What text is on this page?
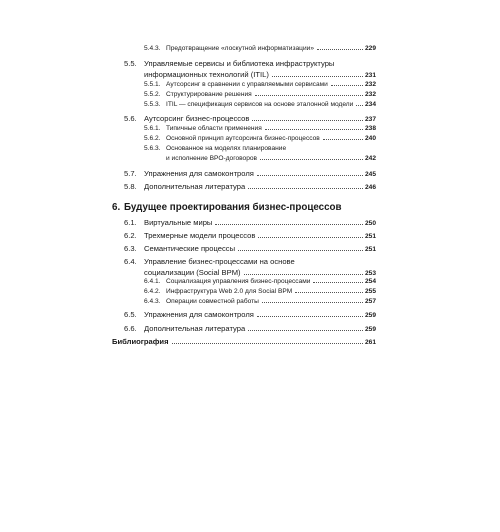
5.4.3. Предотвращение «лоскутной информатизации»	229
5.5. Управляемые сервисы и библиотека инфраструктуры
информационных технологий (ITIL)	231
5.5.1. Аутсорсинг в сравнении с управляемыми сервисами	232
5.5.2. Структурирование решения	232
5.5.3. ITIL — спецификация сервисов на основе эталонной модели 234
5.6. Аутсорсинг бизнес-процессов	237
5.6.1. Типичные области применения	238
5.6.2. Основной принцип аутсорсинга бизнес-процессов	240
5.6.3. Основанное на моделях планирование
и исполнение BPO-договоров	242
5.7. Упражнения для самоконтроля	245
5.8. Дополнительная литература	246
6. Будущее проектирования бизнес-процессов
6.1. Виртуальные миры	250
6.2. Трехмерные модели процессов	251
6.3. Семантические процессы	251
6.4. Управление бизнес-процессами на основе
социализации (Social BPM)	253
6.4.1. Социализация управления бизнес-процессами	254
6.4.2. Инфраструктура Web 2.0 для Social BPM	255
6.4.3. Операции совместной работы	257
6.5. Упражнения для самоконтроля	259
6.6. Дополнительная литература	259
Библиография	261
